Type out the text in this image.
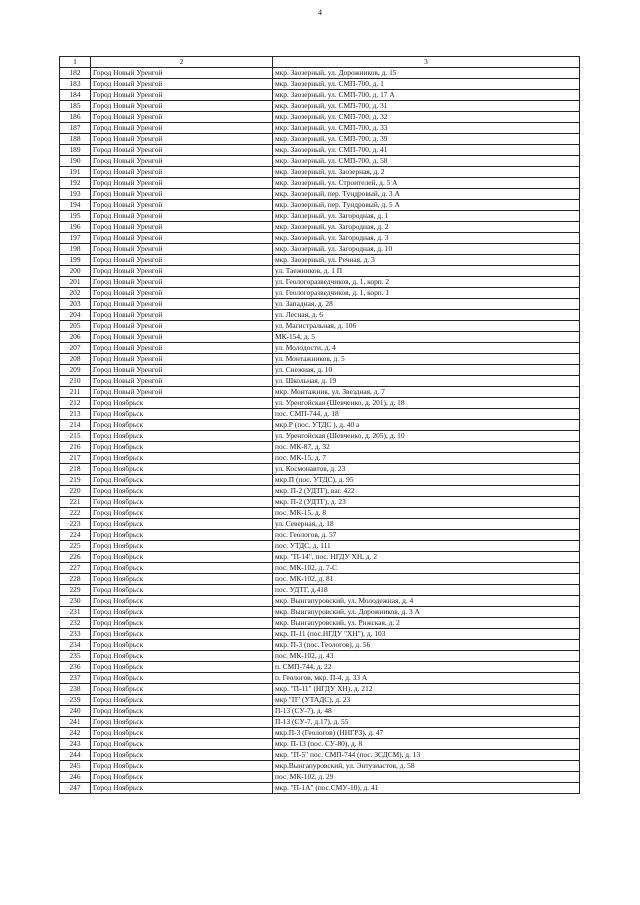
4
1	2	3
182	Город Новый Уренгой	мкр. Заозерный, ул. Дорожников, д. 15
183	Город Новый Уренгой	мкр. Заозерный, ул. СМП-700, д. 1
184	Город Новый Уренгой	мкр. Заозерный, ул. СМП-700, д. 17 А
185	Город Новый Уренгой	мкр. Заозерный, ул. СМП-700, д. 31
186	Город Новый Уренгой	мкр. Заозерный, ул. СМП-700, д. 32
187	Город Новый Уренгой	мкр. Заозерный, ул. СМП-700, д. 33
188	Город Новый Уренгой	мкр. Заозерный, ул. СМП-700, д. 39
189	Город Новый Уренгой	мкр. Заозерный, ул. СМП-700, д. 41
190	Город Новый Уренгой	мкр. Заозерный, ул. СМП-700, д. 58
191	Город Новый Уренгой	мкр. Заозерный, ул. Заозерная, д. 2
192	Город Новый Уренгой	мкр. Заозерный, ул. Строителей, д. 5 А
193	Город Новый Уренгой	мкр. Заозерный, пер. Тундровый, д. 3 А
194	Город Новый Уренгой	мкр. Заозерный, пер. Тундровый, д. 5 А
195	Город Новый Уренгой	мкр. Заозерный, ул. Загородная, д. 1
196	Город Новый Уренгой	мкр. Заозерный, ул. Загородная, д. 2
197	Город Новый Уренгой	мкр. Заозерный, ул. Загородная, д. 3
198	Город Новый Уренгой	мкр. Заозерный, ул. Загородная, д. 10
199	Город Новый Уренгой	мкр. Заозерный, ул. Речная, д. 3
200	Город Новый Уренгой	ул. Таежников, д. 1 П
201	Город Новый Уренгой	ул. Геологоразведчиков, д. 1, корп. 2
202	Город Новый Уренгой	ул. Геологоразведчиков, д. 1, корп. 1
203	Город Новый Уренгой	ул. Западная, д. 28
204	Город Новый Уренгой	ул. Лесная, д. 6
205	Город Новый Уренгой	ул. Магистральная, д. 106
206	Город Новый Уренгой	МК-154, д. 5
207	Город Новый Уренгой	ул. Молодости, д. 4
208	Город Новый Уренгой	ул. Монтажников, д. 5
209	Город Новый Уренгой	ул. Снежная, д. 10
210	Город Новый Уренгой	ул. Школьная, д. 19
211	Город Новый Уренгой	мкр. Монтажник, ул. Звездная, д. 7
212	Город Ноябрьск	ул. Уренгойская (Шевченко, д. 201), д. 18
213	Город Ноябрьск	пос. СМП-744, д. 18
214	Город Ноябрьск	мкр.Р (пос. УТДС ), д. 40 а
215	Город Ноябрьск	ул. Уренгойская (Шевченко, д. 205), д. 10
216	Город Ноябрьск	пос. МК-87, д. 32
217	Город Ноябрьск	пос. МК-15, д. 7
218	Город Ноябрьск	ул. Космонавтов, д. 23
219	Город Ноябрьск	мкр.П (пос. УТДС), д. 95
220	Город Ноябрьск	мкр. П-2 (УДТГ), ваг. 422
221	Город Ноябрьск	мкр. П-2 (УДТГ), д. 23
222	Город Ноябрьск	пос. МК-15, д. 8
223	Город Ноябрьск	ул. Северная, д. 18
224	Город Ноябрьск	пос. Геологов, д. 57
225	Город Ноябрьск	пос. УТДС, д. 111
226	Город Ноябрьск	мкр. "П-14", пос. НГДУ ХН, д. 2
227	Город Ноябрьск	пос. МК-102, д. 7-С
228	Город Ноябрьск	пос. МК-102, д. 81
229	Город Ноябрьск	пос. УДТГ, д.418
230	Город Ноябрьск	мкр. Вынгапуровский, ул. Молодежная, д. 4
231	Город Ноябрьск	мкр. Вынгапуровский, ул. Дорожников, д. 3 А
232	Город Ноябрьск	мкр. Вынгапуровский, ул. Рижская, д. 2
233	Город Ноябрьск	мкр. П-11 (пос.НГДУ "ХН"), д. 103
234	Город Ноябрьск	мкр. П-3 (пос. Геологов), д. 56
235	Город Ноябрьск	пос. МК-102, д. 43
236	Город Ноябрьск	п. СМП-744, д. 22
237	Город Ноябрьск	п. Геологов, мкр. П-4, д. 33 А
238	Город Ноябрьск	мкр. "П-11" (НГДУ ХН), д. 212
239	Город Ноябрьск	мкр "П" (УТАДС), д. 23
240	Город Ноябрьск	П-13 (СУ-7), д. 48
241	Город Ноябрьск	П-13 (СУ-7, д.17), д. 55
242	Город Ноябрьск	мкр.П-3 (Геологов) (ННГРЗ), д. 47
243	Город Ноябрьск	мкр. П-13 (пос. СУ-80), д. 8
244	Город Ноябрьск	мкр. "П-5" пос. СМП-744 (пос. ЗСДСМ), д. 13
245	Город Ноябрьск	мкр.Вынгапуровский, ул. Энтузиастов, д. 58
246	Город Ноябрьск	пос. МК-102, д. 29
247	Город Ноябрьск	мкр. "П-1А" (пос.СМУ-10), д. 41
